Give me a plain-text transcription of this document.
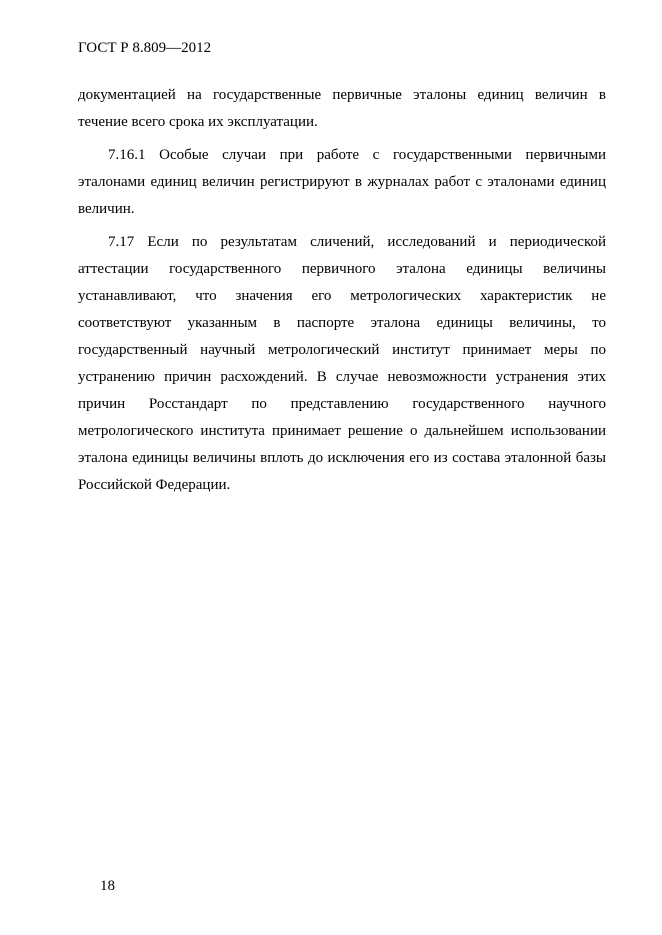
ГОСТ Р 8.809—2012

документацией на государственные первичные эталоны единиц величин в течение всего срока их эксплуатации.

7.16.1 Особые случаи при работе с государственными первичными эталонами единиц величин регистрируют в журналах работ с эталонами единиц величин.

7.17 Если по результатам сличений, исследований и периодической аттестации государственного первичного эталона единицы величины устанавливают, что значения его метрологических характеристик не соответствуют указанным в паспорте эталона единицы величины, то государственный научный метрологический институт принимает меры по устранению причин расхождений. В случае невозможности устранения этих причин Росстандарт по представлению государственного научного метрологического института принимает решение о дальнейшем использовании эталона единицы величины вплоть до исключения его из состава эталонной базы Российской Федерации.

18
